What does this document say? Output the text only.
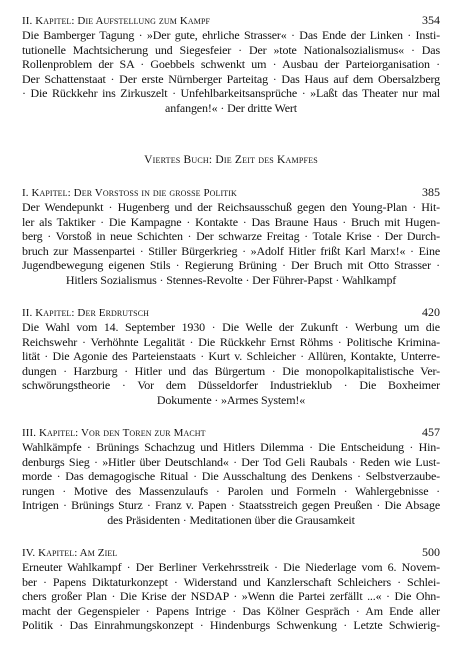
II. Kapitel: Die Aufstellung zum Kampf	354
Die Bamberger Tagung · »Der gute, ehrliche Strasser« · Das Ende der Linken · Insti-
tutionelle Machtsicherung und Siegesfeier · Der »tote Nationalsozialismus« · Das
Rollenproblem der SA · Goebbels schwenkt um · Ausbau der Parteiorganisation ·
Der Schattenstaat · Der erste Nürnberger Parteitag · Das Haus auf dem Obersalzberg
· Die Rückkehr ins Zirkuszelt · Unfehlbarkeitsansprüche · »Laßt das Theater nur mal
anfangen!« · Der dritte Wert
Viertes Buch: Die Zeit des Kampfes
I. Kapitel: Der Vorstoss in die grosse Politik	385
Der Wendepunkt · Hugenberg und der Reichsausschuß gegen den Young-Plan · Hit-
ler als Taktiker · Die Kampagne · Kontakte · Das Braune Haus · Bruch mit Hugen-
berg · Vorstoß in neue Schichten · Der schwarze Freitag · Totale Krise · Der Durch-
bruch zur Massenpartei · Stiller Bürgerkrieg · »Adolf Hitler frißt Karl Marx!« · Eine
Jugendbewegung eigenen Stils · Regierung Brüning · Der Bruch mit Otto Strasser ·
Hitlers Sozialismus · Stennes-Revolte · Der Führer-Papst · Wahlkampf
II. Kapitel: Der Erdrutsch	420
Die Wahl vom 14. September 1930 · Die Welle der Zukunft · Werbung um die
Reichswehr · Verhöhnte Legalität · Die Rückkehr Ernst Röhms · Politische Krimina-
lität · Die Agonie des Parteienstaats · Kurt v. Schleicher · Allüren, Kontakte, Unterre-
dungen · Harzburg · Hitler und das Bürgertum · Die monopolkapitalistische Ver-
schwörungstheorie · Vor dem Düsseldorfer Industrieklub · Die Boxheimer
Dokumente · »Armes System!«
III. Kapitel: Vor den Toren zur Macht	457
Wahlkämpfe · Brünings Schachzug und Hitlers Dilemma · Die Entscheidung · Hin-
denburgs Sieg · »Hitler über Deutschland« · Der Tod Geli Raubals · Reden wie Lust-
morde · Das demagogische Ritual · Die Ausschaltung des Denkens · Selbstverzaube-
rungen · Motive des Massenzulaufs · Parolen und Formeln · Wahlergebnisse ·
Intrigen · Brünings Sturz · Franz v. Papen · Staatsstreich gegen Preußen · Die Absage
des Präsidenten · Meditationen über die Grausamkeit
IV. Kapitel: Am Ziel	500
Erneuter Wahlkampf · Der Berliner Verkehrsstreik · Die Niederlage vom 6. Novem-
ber · Papens Diktaturkonzept · Widerstand und Kanzlerschaft Schleichers · Schlei-
chers großer Plan · Die Krise der NSDAP · »Wenn die Partei zerfällt ...« · Die Ohn-
macht der Gegenspieler · Papens Intrige · Das Kölner Gespräch · Am Ende aller
Politik · Das Einrahmungskonzept · Hindenburgs Schwenkung · Letzte Schwierig-
